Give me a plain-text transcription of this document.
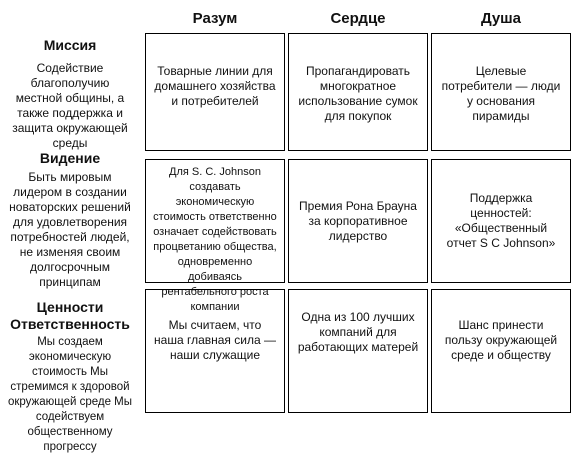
Разум	Сердце	Душа
Миссия
Содействие благополучию местной общины, а также поддержка и защита окружающей среды
Товарные линии для домашнего хозяйства и потребителей
Пропагандировать многократное использование сумок для покупок
Целевые потребители — люди у основания пирамиды
Видение
Быть мировым лидером в создании новаторских решений для удовлетворения потребностей людей, не изменяя своим долгосрочным принципам
Для S. C. Johnson создавать экономическую стоимость ответственно означает содействовать процветанию общества, одновременно добиваясь рентабельного роста компании
Премия Рона Брауна за корпоративное лидерство
Поддержка ценностей: «Общественный отчет S C Johnson»
Ценности
Ответственность
Мы создаем экономическую стоимость Мы стремимся к здоровой окружающей среде Мы содействуем общественному прогрессу
Мы считаем, что наша главная сила — наши служащие
Одна из 100 лучших компаний для работающих матерей
Шанс принести пользу окружающей среде и обществу
